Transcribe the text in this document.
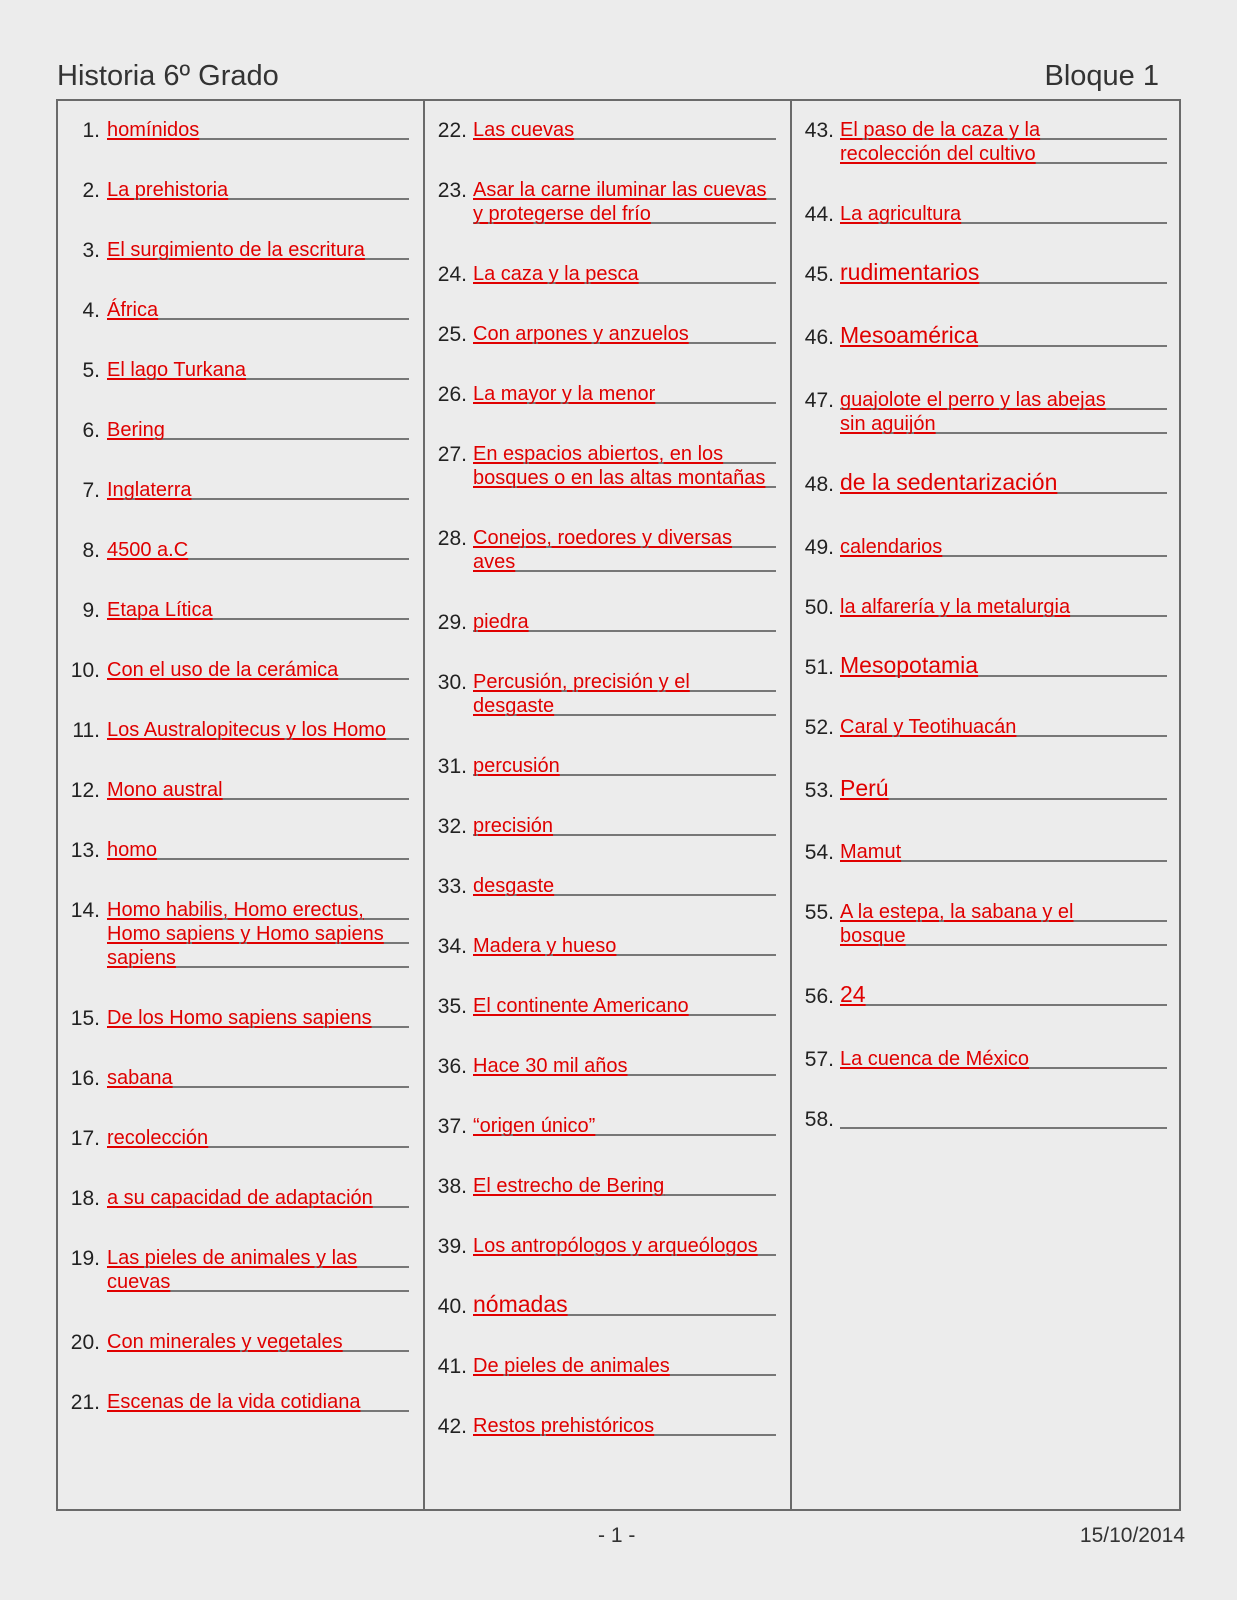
Historia 6º Grado	Bloque 1
1. homínidos
2. La prehistoria
3. El surgimiento de la escritura
4. África
5. El lago Turkana
6. Bering
7. Inglaterra
8. 4500 a.C
9. Etapa Lítica
10. Con el uso de la cerámica
11. Los Australopitecus y los Homo
12. Mono austral
13. homo
14. Homo habilis, Homo erectus,
Homo sapiens y Homo sapiens
sapiens
15. De los Homo sapiens sapiens
16. sabana
17. recolección
18. a su capacidad de adaptación
19. Las pieles de animales y las
cuevas
20. Con minerales y vegetales
21. Escenas de la vida cotidiana
22. Las cuevas
23. Asar la carne iluminar las cuevas
y protegerse del frío
24. La caza y la pesca
25. Con arpones y anzuelos
26. La mayor y la menor
27. En espacios abiertos, en los
bosques o en las altas montañas
28. Conejos, roedores y diversas
aves
29. piedra
30. Percusión, precisión y el
desgaste
31. percusión
32. precisión
33. desgaste
34. Madera y hueso
35. El continente Americano
36. Hace 30 mil años
37. “origen único”
38. El estrecho de Bering
39. Los antropólogos y arqueólogos
40. nómadas
41. De pieles de animales
42. Restos prehistóricos
43. El paso de la caza y la
recolección del cultivo
44. La agricultura
45. rudimentarios
46. Mesoamérica
47. guajolote el perro y las abejas
sin aguijón
48. de la sedentarización
49. calendarios
50. la alfarería y la metalurgia
51. Mesopotamia
52. Caral y Teotihuacán
53. Perú
54. Mamut
55. A la estepa, la sabana y el
bosque
56. 24
57. La cuenca de México
58.
- 1 -	15/10/2014
